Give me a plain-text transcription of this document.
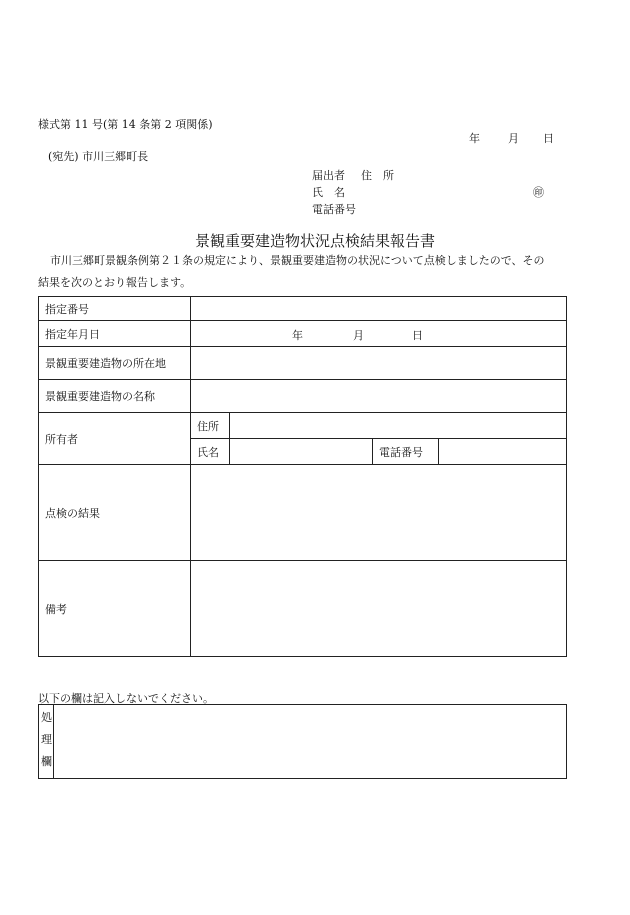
様式第 11 号(第 14 条第 2 項関係)
年	月 日
(宛先) 市川三郷町長
届出者 住　所
氏　名	㊞
電話番号
景観重要建造物状況点検結果報告書
市川三郷町景観条例第２１条の規定により、景観重要建造物の状況について点検しましたので、その
結果を次のとおり報告します。
指定番号				
指定年月日	年 月 日			

景観重要建造物の所在地				
景観重要建造物の名称				
所有者	住所			
	氏名		電話番号	
点検の結果				
備考				
以下の欄は記入しないでください。
処
理
欄
